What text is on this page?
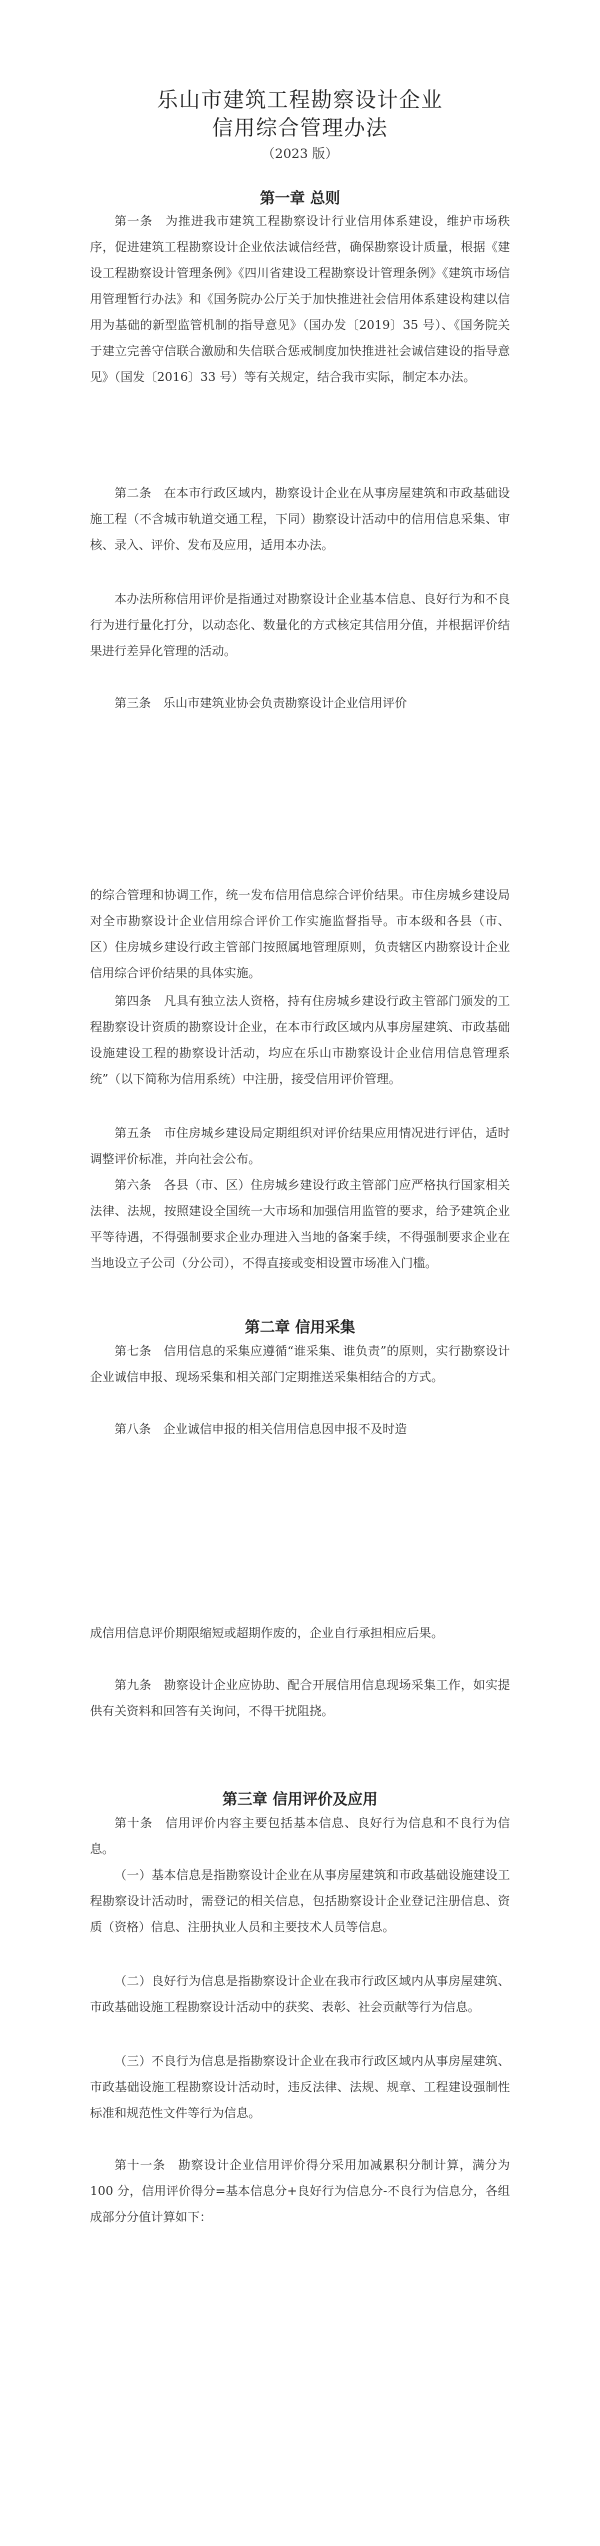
乐山市建筑工程勘察设计企业
信用综合管理办法
（2023 版）
第一章 总则

第一条　为推进我市建筑工程勘察设计行业信用体系建设，维护市场秩序，促进建筑工程勘察设计企业依法诚信经营，确保勘察设计质量，根据《建设工程勘察设计管理条例》《四川省建设工程勘察设计管理条例》《建筑市场信用管理暂行办法》和《国务院办公厅关于加快推进社会信用体系建设构建以信用为基础的新型监管机制的指导意见》（国办发〔2019〕35 号）、《国务院关于建立完善守信联合激励和失信联合惩戒制度加快推进社会诚信建设的指导意见》（国发〔2016〕33 号）等有关规定，结合我市实际，制定本办法。

第二条　在本市行政区域内，勘察设计企业在从事房屋建筑和市政基础设施工程（不含城市轨道交通工程，下同）勘察设计活动中的信用信息采集、审核、录入、评价、发布及应用，适用本办法。

本办法所称信用评价是指通过对勘察设计企业基本信息、良好行为和不良行为进行量化打分，以动态化、数量化的方式核定其信用分值，并根据评价结果进行差异化管理的活动。

第三条　乐山市建筑业协会负责勘察设计企业信用评价

的综合管理和协调工作，统一发布信用信息综合评价结果。市住房城乡建设局对全市勘察设计企业信用综合评价工作实施监督指导。市本级和各县（市、区）住房城乡建设行政主管部门按照属地管理原则，负责辖区内勘察设计企业信用综合评价结果的具体实施。

第四条　凡具有独立法人资格，持有住房城乡建设行政主管部门颁发的工程勘察设计资质的勘察设计企业，在本市行政区域内从事房屋建筑、市政基础设施建设工程的勘察设计活动，均应在乐山市勘察设计企业信用信息管理系统”（以下简称为信用系统）中注册，接受信用评价管理。

第五条　市住房城乡建设局定期组织对评价结果应用情况进行评估，适时调整评价标准，并向社会公布。

第六条　各县（市、区）住房城乡建设行政主管部门应严格执行国家相关法律、法规，按照建设全国统一大市场和加强信用监管的要求，给予建筑企业平等待遇，不得强制要求企业办理进入当地的备案手续，不得强制要求企业在当地设立子公司（分公司），不得直接或变相设置市场准入门槛。

第二章 信用采集

第七条　信用信息的采集应遵循“谁采集、谁负责”的原则，实行勘察设计企业诚信申报、现场采集和相关部门定期推送采集相结合的方式。

第八条　企业诚信申报的相关信用信息因申报不及时造

成信用信息评价期限缩短或超期作废的，企业自行承担相应后果。

第九条　勘察设计企业应协助、配合开展信用信息现场采集工作，如实提供有关资料和回答有关询问，不得干扰阻挠。

第三章 信用评价及应用

第十条　信用评价内容主要包括基本信息、良好行为信息和不良行为信息。

（一）基本信息是指勘察设计企业在从事房屋建筑和市政基础设施建设工程勘察设计活动时，需登记的相关信息，包括勘察设计企业登记注册信息、资质（资格）信息、注册执业人员和主要技术人员等信息。

（二）良好行为信息是指勘察设计企业在我市行政区域内从事房屋建筑、市政基础设施工程勘察设计活动中的获奖、表彰、社会贡献等行为信息。

（三）不良行为信息是指勘察设计企业在我市行政区域内从事房屋建筑、市政基础设施工程勘察设计活动时，违反法律、法规、规章、工程建设强制性标准和规范性文件等行为信息。

第十一条　勘察设计企业信用评价得分采用加减累积分制计算，满分为 100 分，信用评价得分=基本信息分+良好行为信息分-不良行为信息分，各组成部分分值计算如下：
